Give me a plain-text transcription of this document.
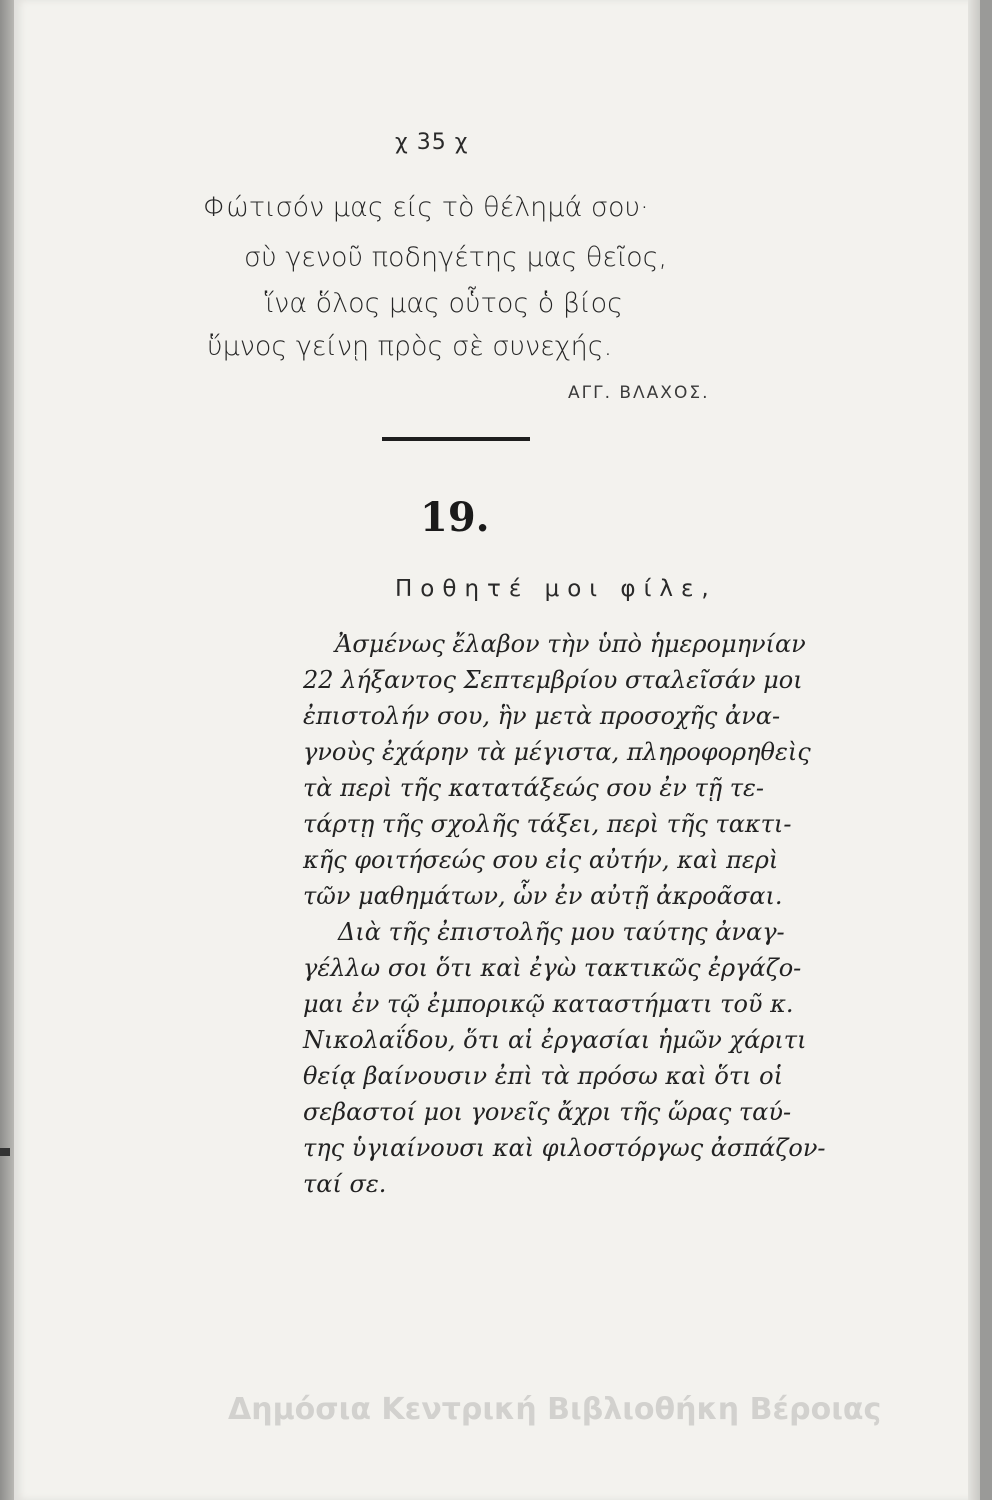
χ 35 χ
Φώτισόν μας είς τὸ θέλημά σου·
σὺ γενοῦ ποδηγέτης μας θεῖος,
ἵνα ὅλος μας οὗτος ὁ βίος
ὕμνος γείνῃ πρὸς σὲ συνεχής.
ΑΓΓ. ΒΛΑΧΟΣ.
19.
Ποθητέ μοι φίλε,
Ἀσμένως ἔλαβον τὴν ὑπὸ ἡμερομηνίαν
22 λήξαντος Σεπτεμβρίου σταλεῖσάν μοι
ἐπιστολήν σου, ἣν μετὰ προσοχῆς ἀνα-
γνοὺς ἐχάρην τὰ μέγιστα, πληροφορηθεὶς
τὰ περὶ τῆς κατατάξεώς σου ἐν τῇ τε-
τάρτῃ τῆς σχολῆς τάξει, περὶ τῆς τακτι-
κῆς φοιτήσεώς σου εἰς αὐτήν, καὶ περὶ
τῶν μαθημάτων, ὧν ἐν αὐτῇ ἀκροᾶσαι.
Διὰ τῆς ἐπιστολῆς μου ταύτης ἀναγ-
γέλλω σοι ὅτι καὶ ἐγὼ τακτικῶς ἐργάζο-
μαι ἐν τῷ ἐμπορικῷ καταστήματι τοῦ κ.
Νικολαΐδου, ὅτι αἱ ἐργασίαι ἡμῶν χάριτι
θείᾳ βαίνουσιν ἐπὶ τὰ πρόσω καὶ ὅτι οἱ
σεβαστοί μοι γονεῖς ἄχρι τῆς ὥρας ταύ-
της ὑγιαίνουσι καὶ φιλοστόργως ἀσπάζον-
ταί σε.
Δημόσια Κεντρική Βιβλιοθήκη Βέροιας
